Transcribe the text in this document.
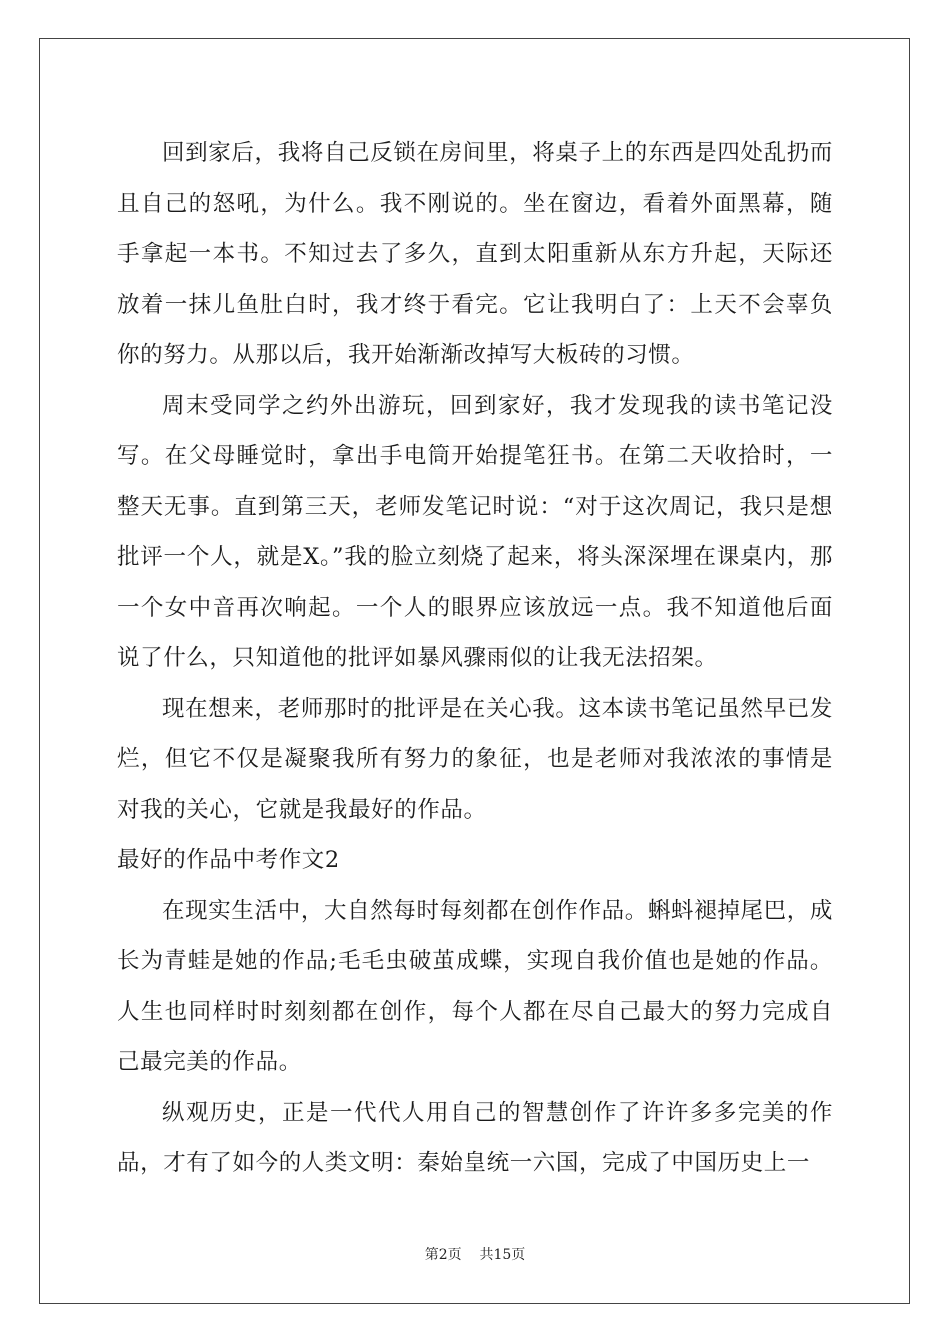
回到家后，我将自己反锁在房间里，将桌子上的东西是四处乱扔而且自己的怒吼，为什么。我不刚说的。坐在窗边，看着外面黑幕，随手拿起一本书。不知过去了多久，直到太阳重新从东方升起，天际还放着一抹儿鱼肚白时，我才终于看完。它让我明白了：上天不会辜负你的努力。从那以后，我开始渐渐改掉写大板砖的习惯。

周末受同学之约外出游玩，回到家好，我才发现我的读书笔记没写。在父母睡觉时，拿出手电筒开始提笔狂书。在第二天收拾时，一整天无事。直到第三天，老师发笔记时说：“对于这次周记，我只是想批评一个人，就是X。”我的脸立刻烧了起来，将头深深埋在课桌内，那一个女中音再次响起。一个人的眼界应该放远一点。我不知道他后面说了什么，只知道他的批评如暴风骤雨似的让我无法招架。

现在想来，老师那时的批评是在关心我。这本读书笔记虽然早已发烂，但它不仅是凝聚我所有努力的象征，也是老师对我浓浓的事情是对我的关心，它就是我最好的作品。

最好的作品中考作文2

在现实生活中，大自然每时每刻都在创作作品。蝌蚪褪掉尾巴，成长为青蛙是她的作品;毛毛虫破茧成蝶，实现自我价值也是她的作品。人生也同样时时刻刻都在创作，每个人都在尽自己最大的努力完成自己最完美的作品。

纵观历史，正是一代代人用自己的智慧创作了许许多多完美的作品，才有了如今的人类文明：秦始皇统一六国，完成了中国历史上一

第2页 共15页
